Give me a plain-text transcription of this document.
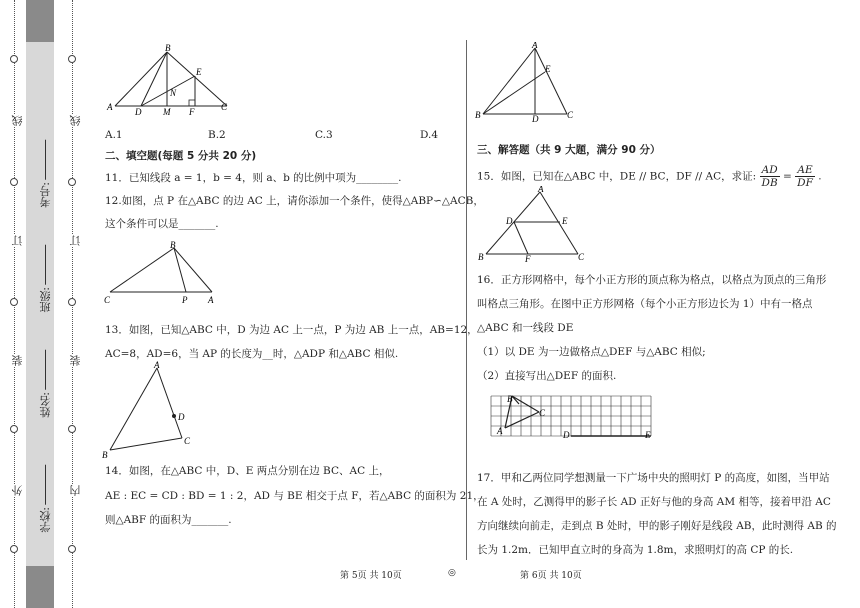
外
装
订
线
内
装
订
线
学校:
姓名:
班级:
考号:
B
E
N
A	D M F	C
A.1	B.2	C.3	D.4
二、填空题(每题 5 分共 20 分)
11．已知线段 a = 1，b = 4，则 a、b 的比例中项为________.
12.如图，点 P 在△ABC 的边 AC 上，请你添加一个条件，使得△ABP∽△ACB，
这个条件可以是_______.
B
C	P A
13．如图，已知△ABC 中，D 为边 AC 上一点，P 为边 AB 上一点，AB=12，
AC=8，AD=6，当 AP 的长度为__时，△ADP 和△ABC 相似.
A
D
B
C
14．如图，在△ABC 中，D、E 两点分别在边 BC、AC 上，
AE : EC = CD : BD = 1 : 2，AD 与 BE 相交于点 F，若△ABC 的面积为 21，
则△ABF 的面积为_______.
A
E
B	D	C
三、解答题（共 9 大题，满分 90 分）
15．如图，已知在△ABC 中，DE // BC，DF // AC，求证: $\frac{AD}{DB} = \frac{AE}{DF}$ .
A
D	E
B	F	C
16．正方形网格中，每个小正方形的顶点称为格点，以格点为顶点的三角形
叫格点三角形。在图中正方形网格（每个小正方形边长为 1）中有一格点
△ABC 和一线段 DE
（1）以 DE 为一边做格点△DEF 与△ABC 相似;
（2）直接写出△DEF 的面积.
B
C
A	D	E
17．甲和乙两位同学想测量一下广场中央的照明灯 P 的高度，如图，当甲站
在 A 处时，乙测得甲的影子长 AD 正好与他的身高 AM 相等，接着甲沿 AC
方向继续向前走，走到点 B 处时，甲的影子刚好是线段 AB，此时测得 AB 的
长为 1.2m．已知甲直立时的身高为 1.8m，求照明灯的高 CP 的长.
第 5页 共 10页	◎	第 6页 共 10页
